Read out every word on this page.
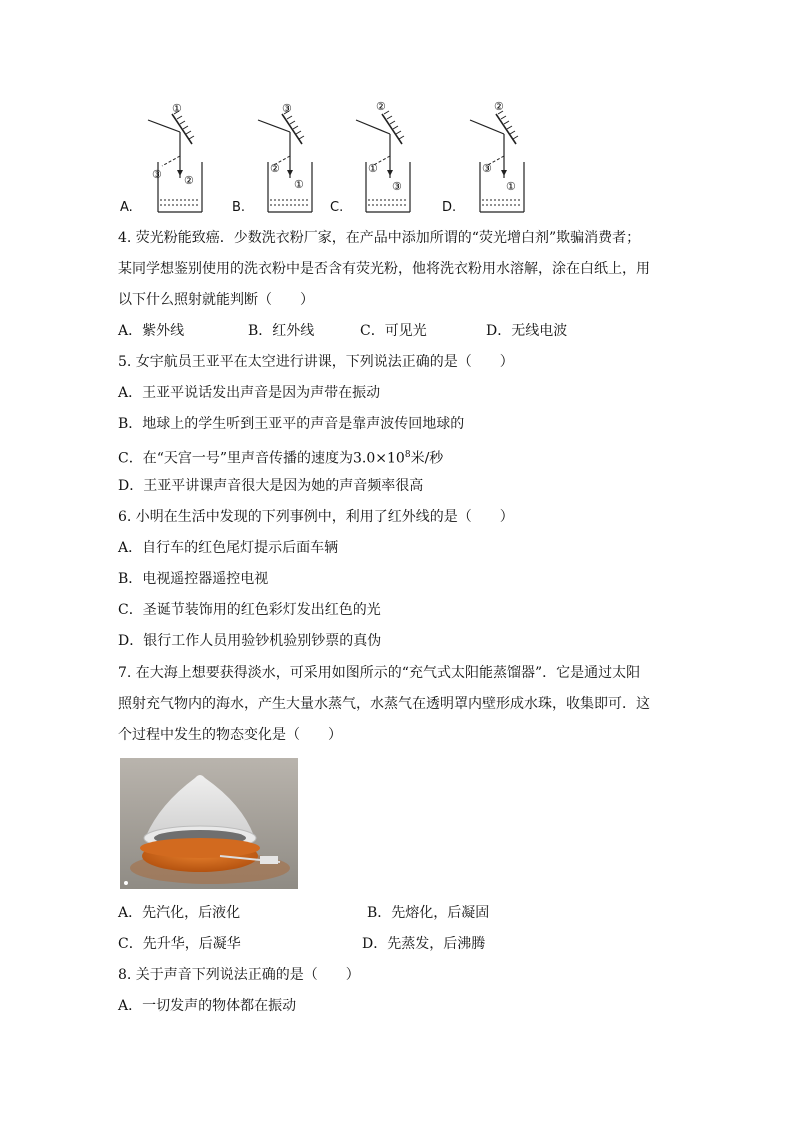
①
②
③
③
①
②
②
③
①
②
①
③
A.	B.	C.	D.
4. 荧光粉能致癌．少数洗衣粉厂家，在产品中添加所谓的“荧光增白剂”欺骗消费者；
某同学想鉴别使用的洗衣粉中是否含有荧光粉，他将洗衣粉用水溶解，涂在白纸上，用
以下什么照射就能判断（　　）
A．紫外线	B．红外线	C．可见光	D．无线电波
5. 女宇航员王亚平在太空进行讲课，下列说法正确的是（　　）
A．王亚平说话发出声音是因为声带在振动
B．地球上的学生听到王亚平的声音是靠声波传回地球的
C．在“天宫一号”里声音传播的速度为$3.0\times 10^8$米/秒
D．王亚平讲课声音很大是因为她的声音频率很高
6. 小明在生活中发现的下列事例中，利用了红外线的是（　　）
A．自行车的红色尾灯提示后面车辆
B．电视遥控器遥控电视
C．圣诞节装饰用的红色彩灯发出红色的光
D．银行工作人员用验钞机验别钞票的真伪
7. 在大海上想要获得淡水，可采用如图所示的“充气式太阳能蒸馏器”．它是通过太阳
照射充气物内的海水，产生大量水蒸气，水蒸气在透明罩内壁形成水珠，收集即可．这
个过程中发生的物态变化是（　　）
A．先汽化，后液化	B．先熔化，后凝固
C．先升华，后凝华	D．先蒸发，后沸腾
8. 关于声音下列说法正确的是（　　）
A．一切发声的物体都在振动
